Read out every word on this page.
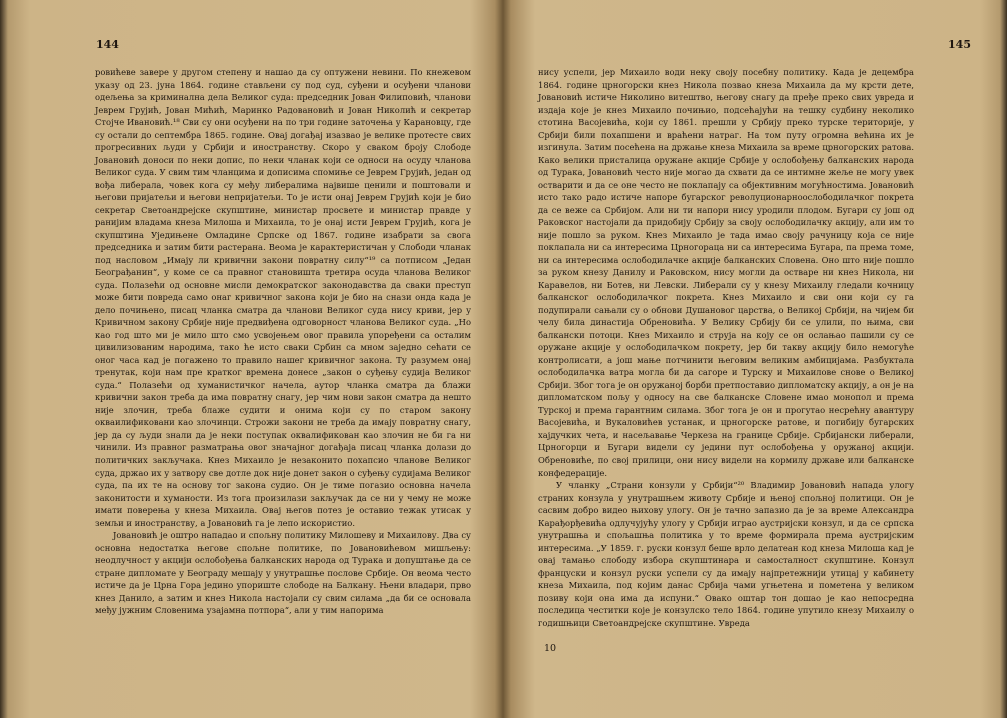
144

ровићеве завере у другом степену и нашао да су оптужени невини. По кнежевом указу од 23. јуна 1864. године стављени су под суд, суђени и осуђени чланови одељења за криминална дела Великог суда: председник Јован Филиповић, чланови Јеврем Грујић, Јован Мићић, Маринко Радовановић и Јован Николић и секретар Стојче Ивановић.¹⁸ Сви су они осуђени на по три године заточења у Карановцу, где су остали до септембра 1865. године. Овај догађај изазвао је велике протесте свих прогресивних људи у Србији и иностранству. Скоро у сваком броју Слободе Јовановић доноси по неки допис, по неки чланак који се односи на осуду чланова Великог суда. У свим тим чланцима и дописима спомиње се Јеврем Грујић, један од вођа либерала, човек кога су међу либералима највише ценили и поштовали и његови пријатељи и његови непријатељи. То је исти онај Јеврем Грујић који је био секретар Светоандрејске скупштине, министар просвете и министар правде у ранијим владама кнеза Милоша и Михаила, то је онај исти Јеврем Грујић, кога је скупштина Уједињене Омладине Српске од 1867. године изабрати за свога председника и затим бити растерана. Веома је карактеристичан у Слободи чланак под насловом „Имају ли кривични закони повратну силу“¹⁹ са потписом „Један Београђанин“, у коме се са правног становишта третира осуда чланова Великог суда. Полазећи од основне мисли демократског законодавства да сваки преступ може бити повреда само онаг кривичног закона који је био на снази онда када је дело почињено, писац чланка сматра да чланови Великог суда нису криви, јер у Кривичном закону Србије није предвиђена одговорност чланова Великог суда. „Но као год што ми је мило што смо усвојењем овог правила упоређени са осталим цивилизованим народима, тако ће исто сваки Србин са мном заједно сећати се оног часа кад је погажено то правило нашег кривичног закона. Ту разумем онај тренутак, који нам пре кратког времена донесе „закон о суђењу судија Великог суда.“ Полазећи од хуманистичког начела, аутор чланка сматра да блажи кривични закон треба да има повратну снагу, јер чим нови закон сматра да нешто није злочин, треба блаже судити и онима који су по старом закону окваилификовани као злочинци. Строжи закони не треба да имају повратну снагу, јер да су људи знали да је неки поступак оквалификован као злочин не би га ни чинили. Из правног разматрања овог значајног догађаја писац чланка долази до политичких закључака. Кнез Михаило је незаконито похапсио чланове Великог суда, држао их у затвору све дотле док није донет закон о суђењу судијама Великог суда, па их те на основу тог закона судио. Он је тиме погазио основна начела законитости и хуманости. Из тога произилази закључак да се ни у чему не може имати поверења у кнеза Михаила. Овај његов потез је оставио тежак утисак у земљи и иностранству, а Јовановић га је лепо искористио.

Јовановић је оштро нападао и спољну политику Милошеву и Михаилову. Два су основна недостатка његове спољне политике, по Јовановићевом мишљењу: неодлучност у акцији ослобођења балканских народа од Турака и допуштање да се стране дипломате у Београду мешају у унутрашње послове Србије. Он веома често истиче да је Црна Гора једино упориште слободе на Балкану. Њени владари, прво кнез Данило, а затим и кнез Никола настојали су свим силама „да би се основала међу јужним Словенима узајамна потпора“, али у тим напорима

145

нису успели, јер Михаило води неку своју посебну политику. Када је децембра 1864. године црногорски кнез Никола позвао кнеза Михаила да му крсти дете, Јовановић истиче Николино витештво, његову снагу да пређе преко свих увреда и издаја које је кнез Михаило почињио, подсећајући на тешку судбину неколико стотина Васојевића, који су 1861. прешли у Србију преко турске територије, у Србији били похапшени и враћени натраг. На том путу огромна већина их је изгинула. Затим посећена на држање кнеза Михаила за време црногорских ратова. Како велики присталица оружане акције Србије у ослобођењу балканских народа од Турака, Јовановић често није могао да схвати да се интимне жеље не могу увек остварити и да се оне често не поклапају са објективним могућностима. Јовановић исто тако радо истиче напоре бугарског револуционарноослободилачког покрета да се веже са Србијом. Али ни ти напори нису уродили плодом. Бугари су још од Раковског настојали да придобију Србију за своју ослободилачку акцију, али им то није пошло за руком. Кнез Михаило је тада имао своју рачуницу која се није поклапала ни са интересима Црногораца ни са интересима Бугара, па према томе, ни са интересима ослободилачке акције балканских Словена. Оно што није пошло за руком кнезу Данилу и Раковском, нису могли да остваре ни кнез Никола, ни Каравелов, ни Ботев, ни Левски. Либерали су у кнезу Михаилу гледали кочницу балканског ослободилачког покрета. Кнез Михаило и сви они који су га подупирали сањали су о обнови Душановог царства, о Великој Србији, на чијем би челу била династија Обреновића. У Велику Србију би се улили, по њима, сви балкански потоци. Кнез Михаило и струја на коју се он ослањао пашили су се оружане акције у ослободилачком покрету, јер би такву акцију било немогуће контролисати, а још мање потчинити његовим великим амбицијама. Разбуктала ослободилачка ватра могла би да сагоре и Турску и Михаилове снове о Великој Србији. Због тога је он оружаној борби претпоставио дипломатску акцију, а он је на дипломатском пољу у односу на све балканске Словене имао монопол и према Турској и према гарантним силама. Због тога је он и прогутао несрећну авантуру Васојевића, и Вукаловићев устанак, и црногорске ратове, и погибију бугарских хајдучких чета, и насељавање Черкеза на границе Србије. Србијански либерали, Црногорци и Бугари видели су једини пут ослобођења у оружаној акцији. Обреновиће, по свој прилици, они нису видели на кормилу државе или балканске конфедерације.

У чланку „Страни конзули у Србији“²⁰ Владимир Јовановић напада улогу страних конзула у унутрашњем животу Србије и њеној спољној политици. Он је сасвим добро видео њихову улогу. Он је тачно запазио да је за време Александра Карађорђевића одлучујућу улогу у Србији играо аустријски конзул, и да се српска унутрашња и спољашња политика у то време формирала према аустријским интересима. „У 1859. г. руски конзул беше врло делатеан код кнеза Милоша кад је овај тамањо слободу избора скупштинара и самосталност скупштине. Конзул француски и конзул руски успели су да имају најпретежнији утицај у кабинету кнеза Михаила, под којим данас Србија чами угњетена и пометена у великом позиву који она има да испуни.“ Овако оштар тон дошао је као непосредна последица честитки које је конзулско тело 1864. године упутило кнезу Михаилу о годишњици Светоандрејске скупштине. Увреда

10
